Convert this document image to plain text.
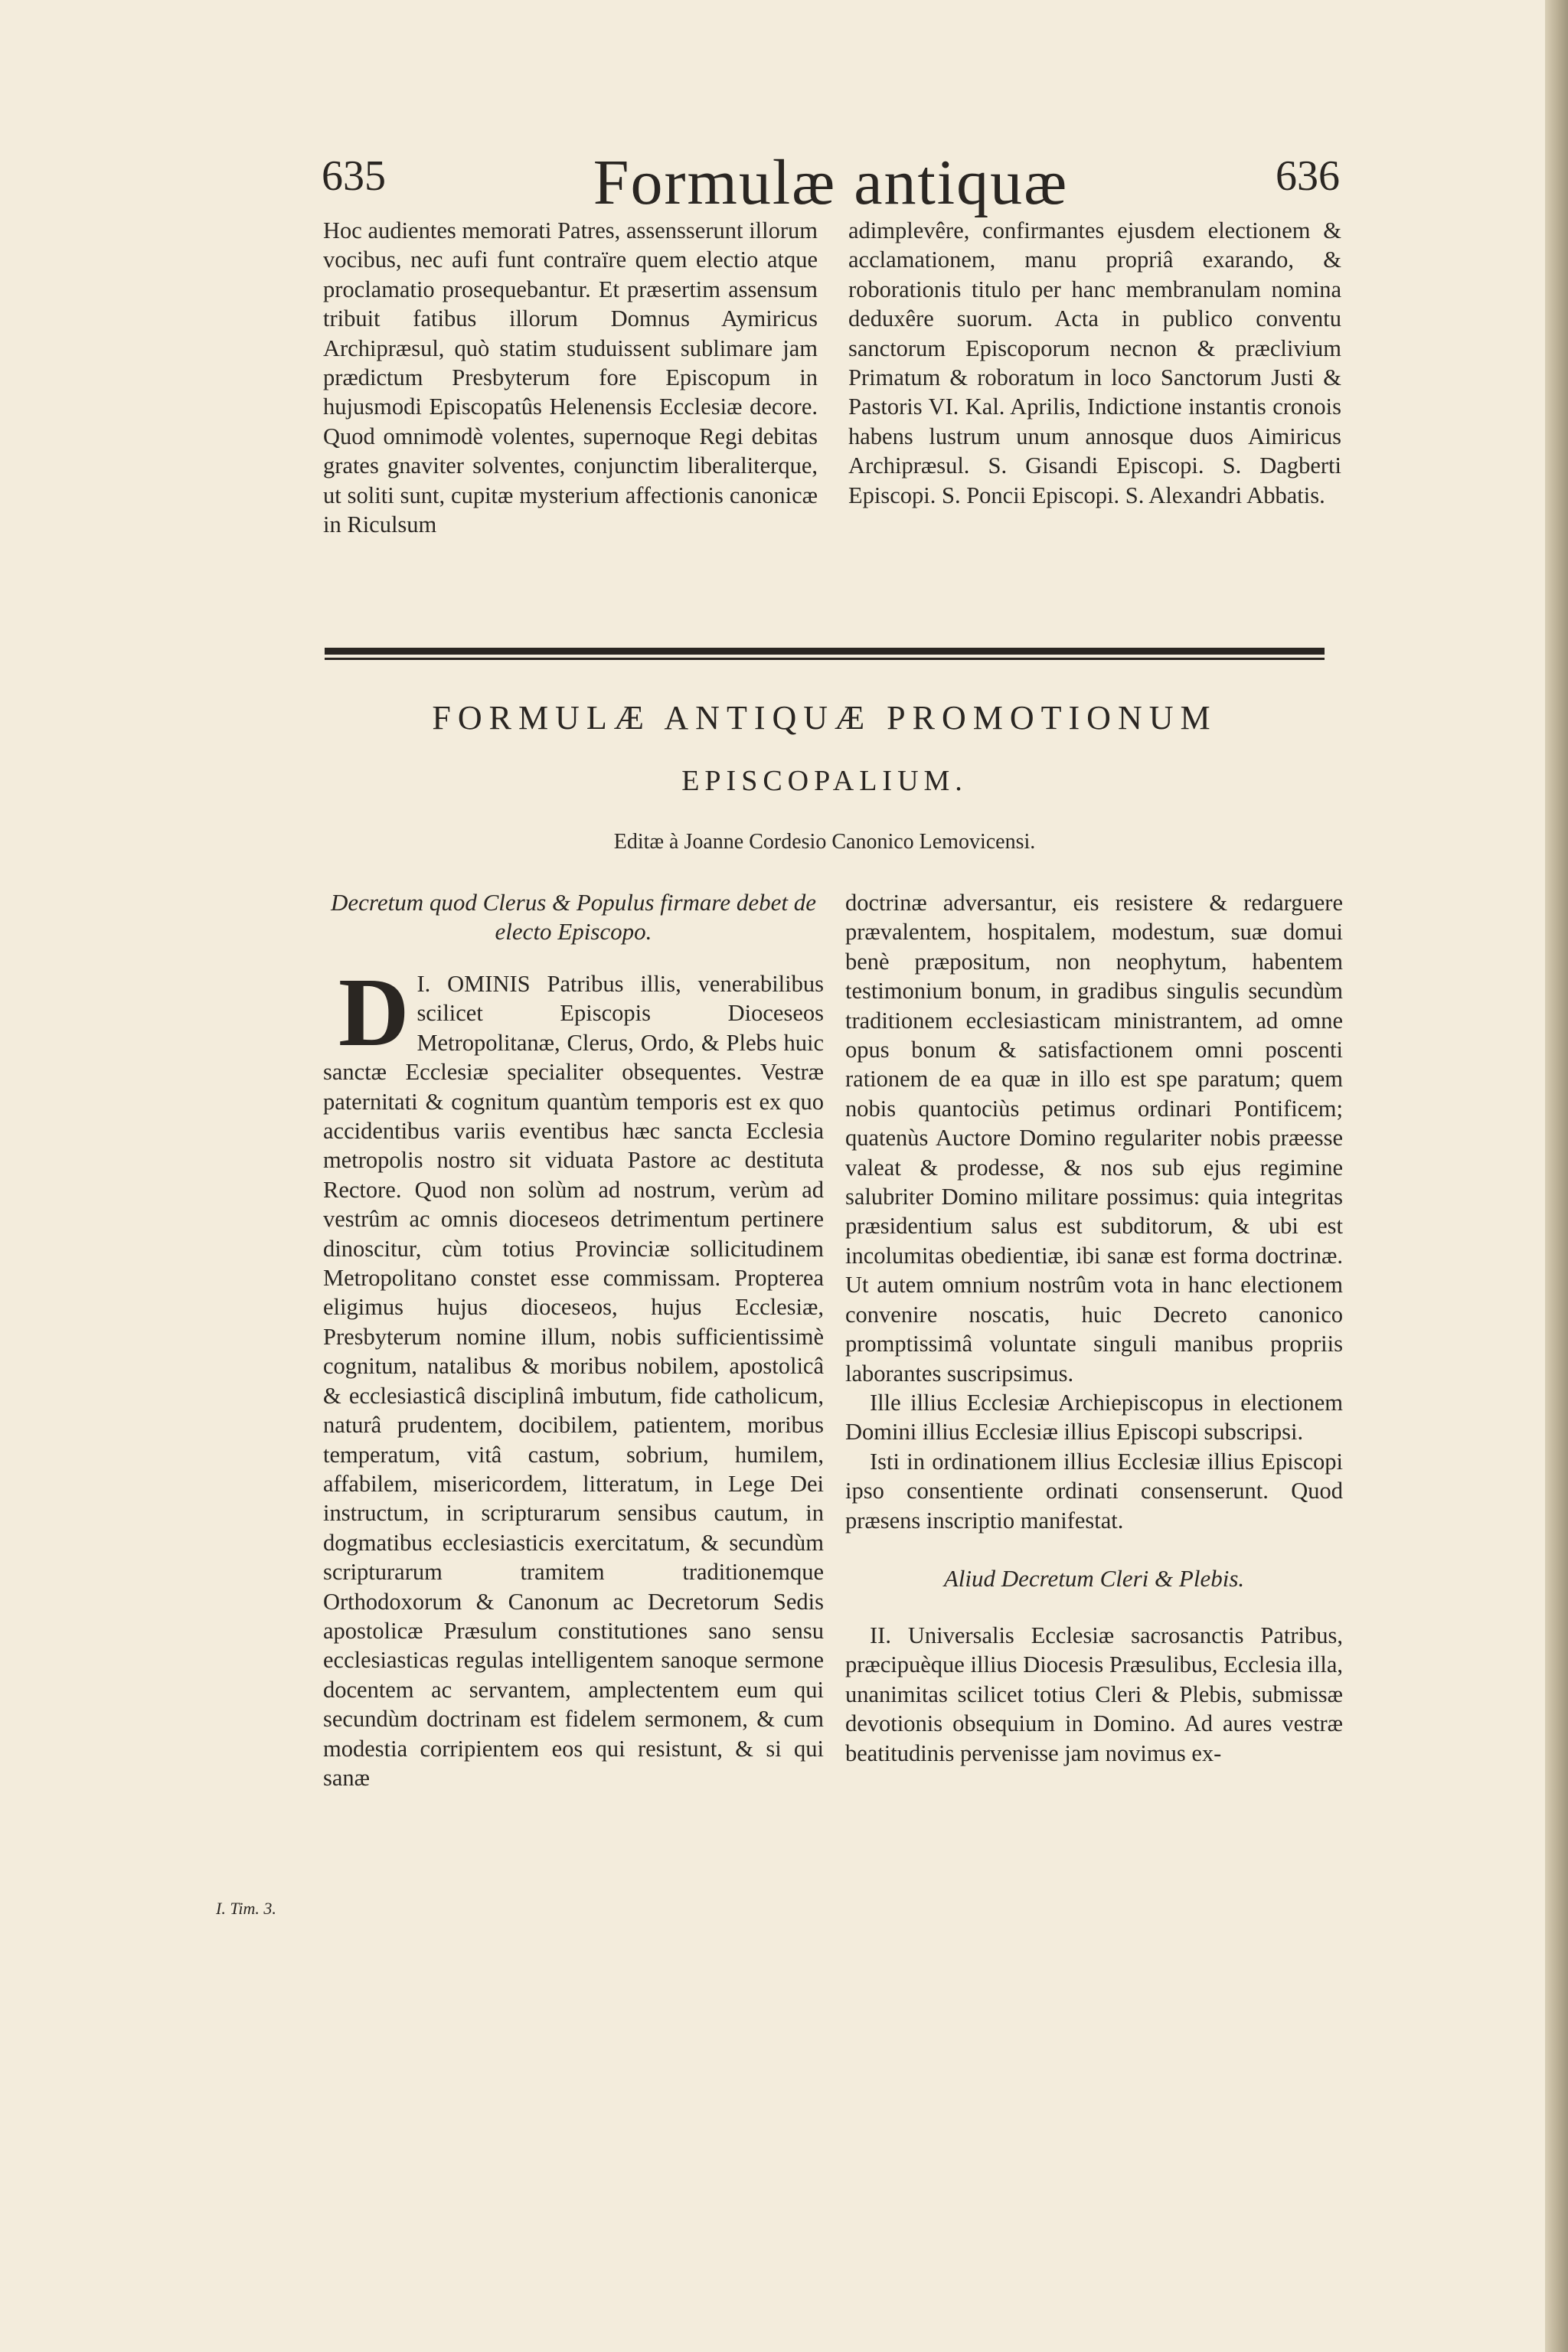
635	Formulæ antiquæ	636

Hoc audientes memorati Patres, assensserunt illorum vocibus, nec aufi funt contraïre quem electio atque proclamatio prosequebantur. Et præsertim assensum tribuit fatibus illorum Domnus Aymiricus Archipræsul, quò statim studuissent sublimare jam prædictum Presbyterum fore Episcopum in hujusmodi Episcopatûs Helenensis Ecclesiæ decore. Quod omnimodè volentes, supernoque Regi debitas grates gnaviter solventes, conjunctim liberaliterque, ut soliti sunt, cupitæ mysterium affectionis canonicæ in Riculsum

adimplevêre, confirmantes ejusdem electionem & acclamationem, manu propriâ exarando, & roborationis titulo per hanc membranulam nomina deduxêre suorum. Acta in publico conventu sanctorum Episcoporum necnon & præclivium Primatum & roboratum in loco Sanctorum Justi & Pastoris VI. Kal. Aprilis, Indictione instantis cronois habens lustrum unum annosque duos Aimiricus Archipræsul. S. Gisandi Episcopi. S. Dagberti Episcopi. S. Poncii Episcopi. S. Alexandri Abbatis.

FORMULÆ ANTIQUÆ PROMOTIONUM
EPISCOPALIUM.
Editæ à Joanne Cordesio Canonico Lemovicensi.

Decretum quod Clerus & Populus firmare debet de electo Episcopo.

I.
D OMINIS Patribus illis, venerabilibus scilicet Episcopis Diocesеos Metropolitanæ, Clerus, Ordo, & Plebs huic sanctæ Ecclesiæ specialiter obsequentes. Vestræ paternitati & cognitum quantùm temporis est ex quo accidentibus variis eventibus hæc sancta Ecclesia metropolis nostro sit viduata Pastore ac destituta Rectore. Quod non solùm ad nostrum, verùm ad vestrûm ac omnis dioceseos detrimentum pertinere dinoscitur, cùm totius Provinciæ sollicitudinem Metropolitano constet esse commissam. Propterea eligimus hujus dioceseos, hujus Ecclesiæ, Presbyterum nomine illum, nobis sufficientissimè cognitum, natalibus & moribus nobilem, apostolicâ & ecclesiasticâ disciplinâ imbutum, fide catholicum, naturâ prudentem, docibilem, patientem, moribus temperatum, vitâ castum, sobrium, humilem, affabilem, misericordem, litteratum, in Lege Dei instructum, in scripturarum sensibus cautum, in dogmatibus ecclesiasticis exercitatum, & secundùm scripturarum tramitem traditionemque Orthodoxorum & Canonum ac Decretorum Sedis apostolicæ Præsulum constitutiones sano sensu ecclesiasticas regulas intelligentem sanoque sermone docentem ac servantem, amplectentem eum qui secundùm doctrinam est fidelem sermonem, & cum modestia corripientem eos qui resistunt, & si qui sanæ

doctrinæ adversantur, eis resistere & redarguere prævalentem, hospitalem, modestum, suæ domui benè præpositum, non neophytum, habentem testimonium bonum, in gradibus singulis secundùm traditionem ecclesiasticam ministrantem, ad omne opus bonum & satisfactionem omni poscenti rationem de ea quæ in illo est spe paratum; quem nobis quantociùs petimus ordinari Pontificem; quatenùs Auctore Domino regulariter nobis præesse valeat & prodesse, & nos sub ejus regimine salubriter Domino militare possimus: quia integritas præsidentium salus est subditorum, & ubi est incolumitas obedientiæ, ibi sanæ est forma doctrinæ. Ut autem omnium nostrûm vota in hanc electionem convenire noscatis, huic Decreto canonico promptissimâ voluntate singuli manibus propriis laborantes suscripsimus.

Ille illius Ecclesiæ Archiepiscopus in electionem Domini illius Ecclesiæ illius Episcopi subscripsi.

Isti in ordinationem illius Ecclesiæ illius Episcopi ipso consentiente ordinati consenserunt. Quod præsens inscriptio manifestat.

Aliud Decretum Cleri & Plebis.

II. Universalis Ecclesiæ sacrosanctis Patribus, præcipuèque illius Diocesis Præsulibus, Ecclesia illa, unanimitas scilicet totius Cleri & Plebis, submissæ devotionis obsequium in Domino. Ad aures vestræ beatitudinis pervenisse jam novimus ex-

I. Tim. 3.
